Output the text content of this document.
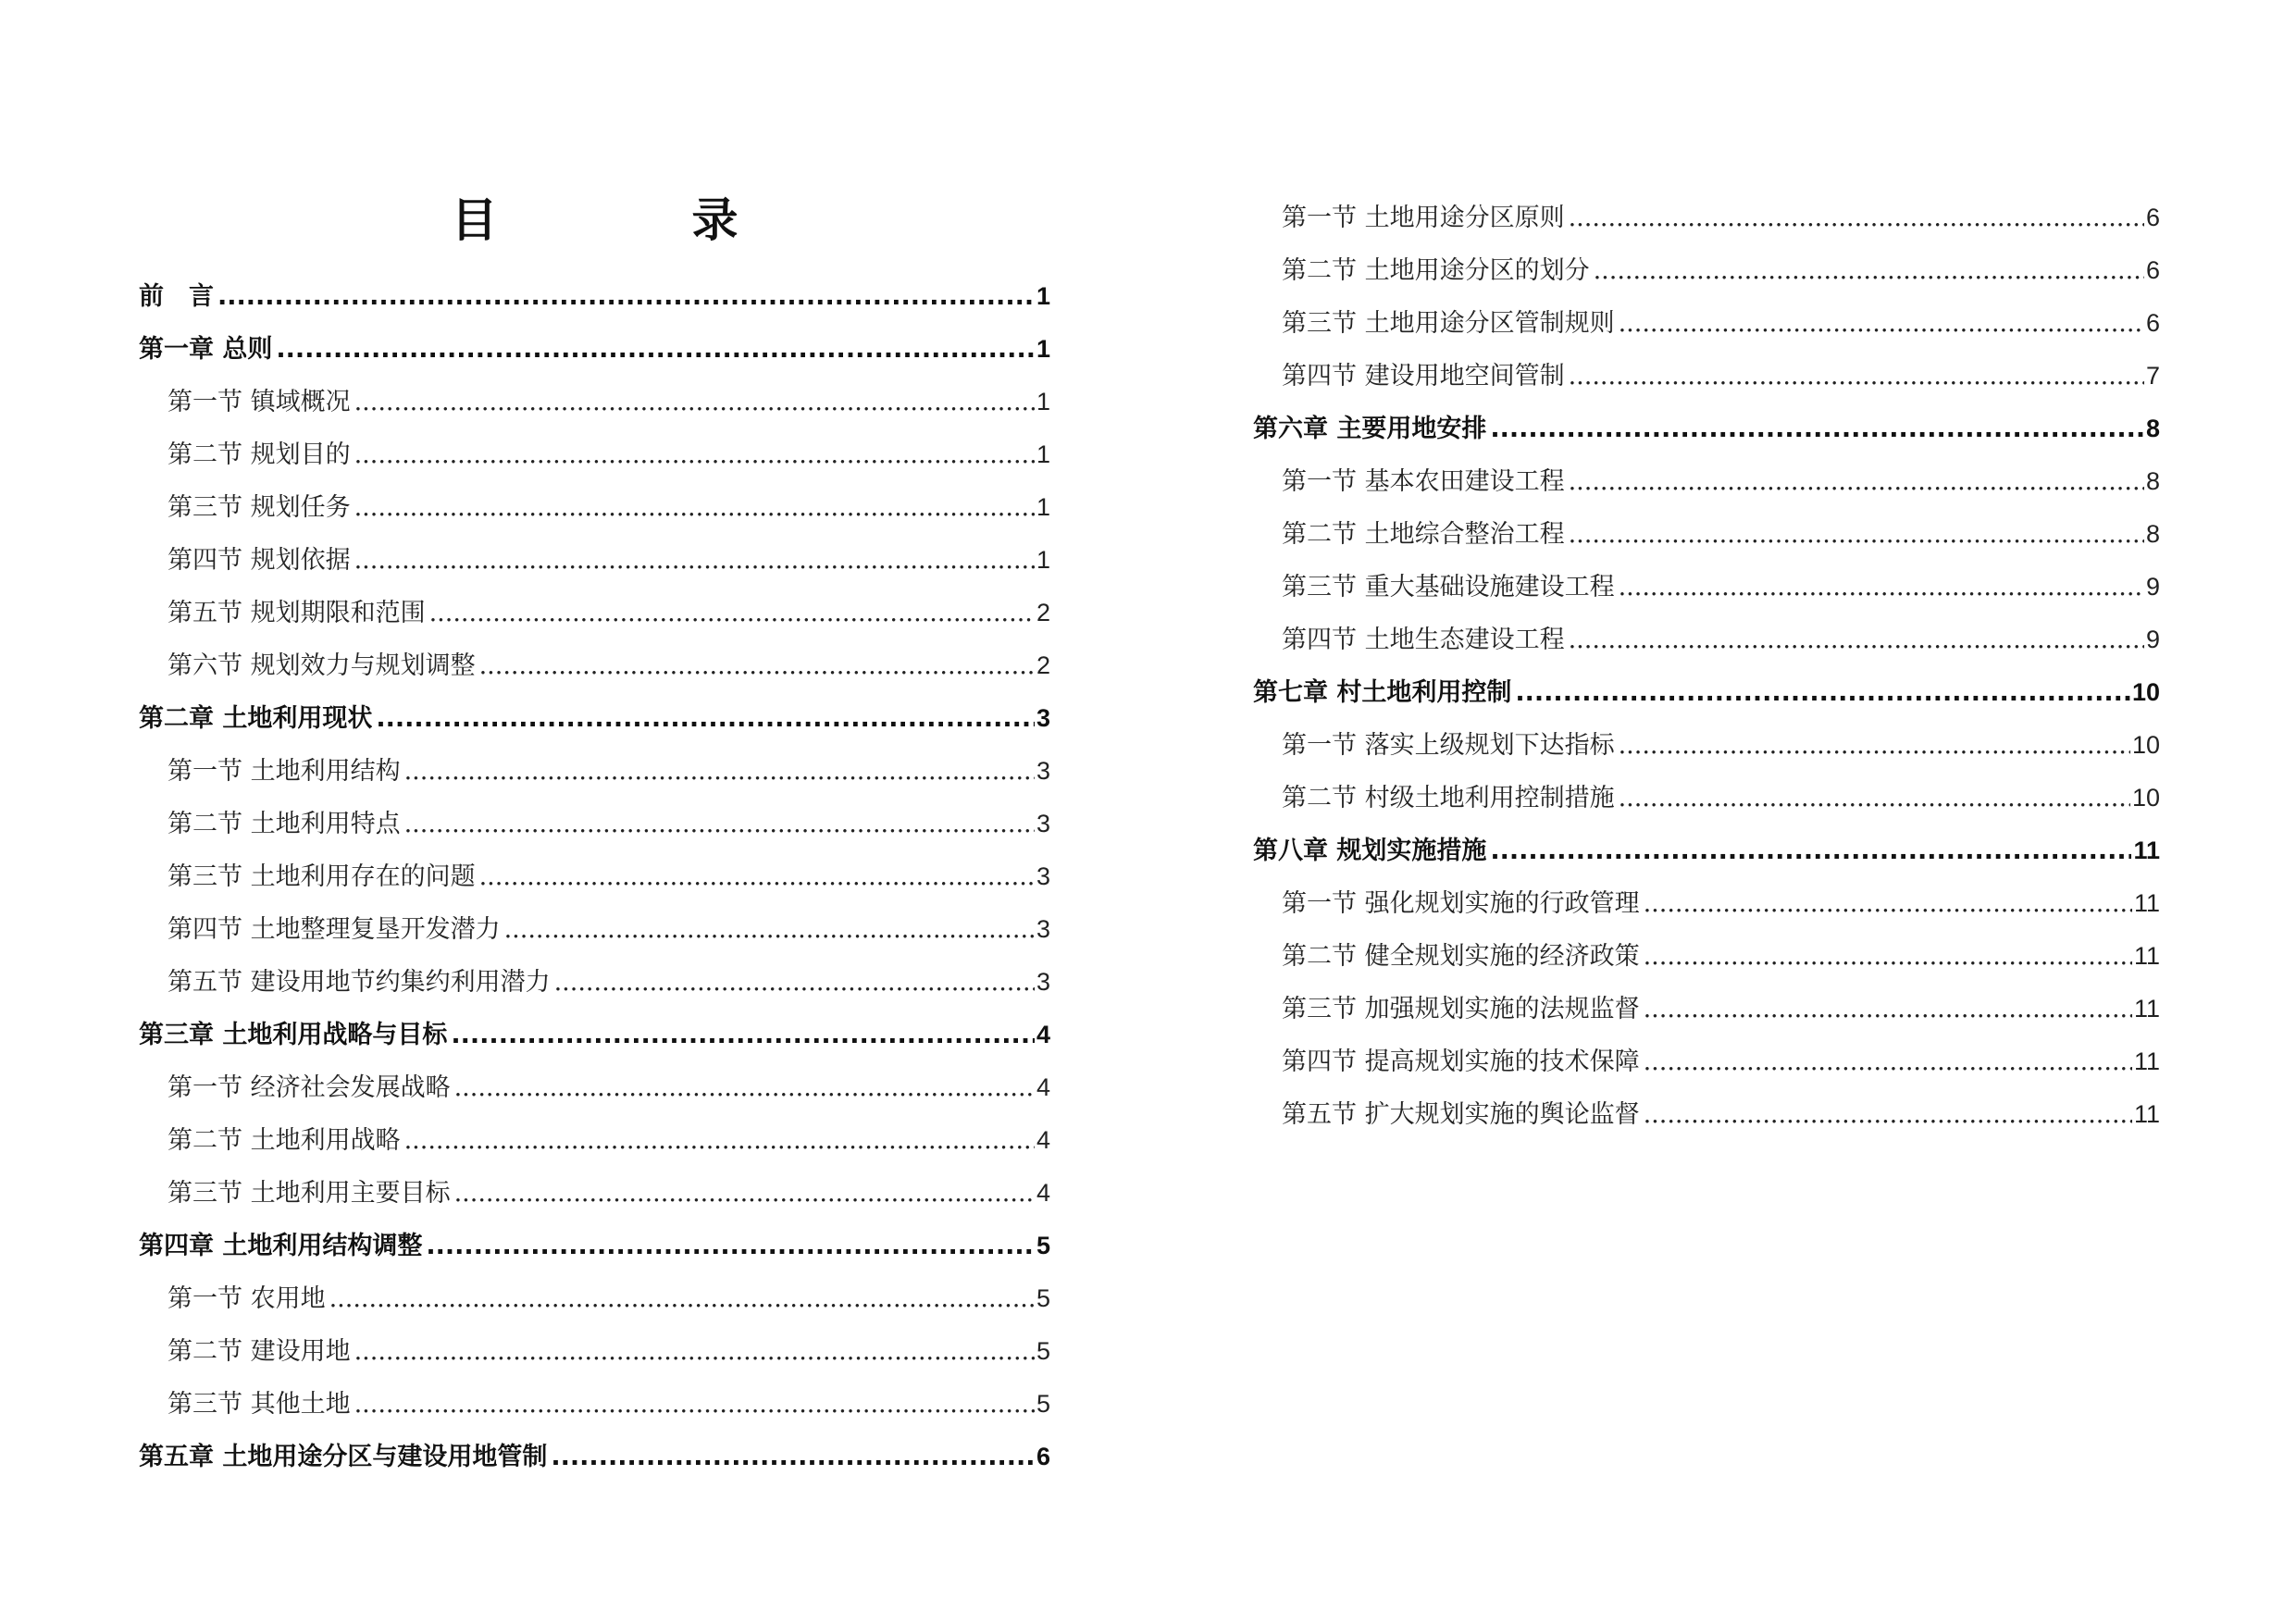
目　录
前　言 .....	1
第一章 总则 .....	1
第一节 镇域概况 .....	1
第二节 规划目的 .....	1
第三节 规划任务 .....	1
第四节 规划依据 .....	1
第五节 规划期限和范围 .....	2
第六节 规划效力与规划调整 .....	2
第二章 土地利用现状 .....	3
第一节 土地利用结构 .....	3
第二节 土地利用特点 .....	3
第三节 土地利用存在的问题 .....	3
第四节 土地整理复垦开发潜力 .....	3
第五节 建设用地节约集约利用潜力 .....	3
第三章 土地利用战略与目标 .....	4
第一节 经济社会发展战略 .....	4
第二节 土地利用战略 .....	4
第三节 土地利用主要目标 .....	4
第四章 土地利用结构调整 .....	5
第一节 农用地 .....	5
第二节 建设用地 .....	5
第三节 其他土地 .....	5
第五章 土地用途分区与建设用地管制 .....	6
第一节 土地用途分区原则 .....	6
第二节 土地用途分区的划分 .....	6
第三节 土地用途分区管制规则 .....	6
第四节 建设用地空间管制 .....	7
第六章 主要用地安排 .....	8
第一节 基本农田建设工程 .....	8
第二节 土地综合整治工程 .....	8
第三节 重大基础设施建设工程 .....	9
第四节 土地生态建设工程 .....	9
第七章 村土地利用控制 .....	10
第一节 落实上级规划下达指标 .....	10
第二节 村级土地利用控制措施 .....	10
第八章 规划实施措施 .....	11
第一节 强化规划实施的行政管理 .....	11
第二节 健全规划实施的经济政策 .....	11
第三节 加强规划实施的法规监督 .....	11
第四节 提高规划实施的技术保障 .....	11
第五节 扩大规划实施的舆论监督 .....	11
